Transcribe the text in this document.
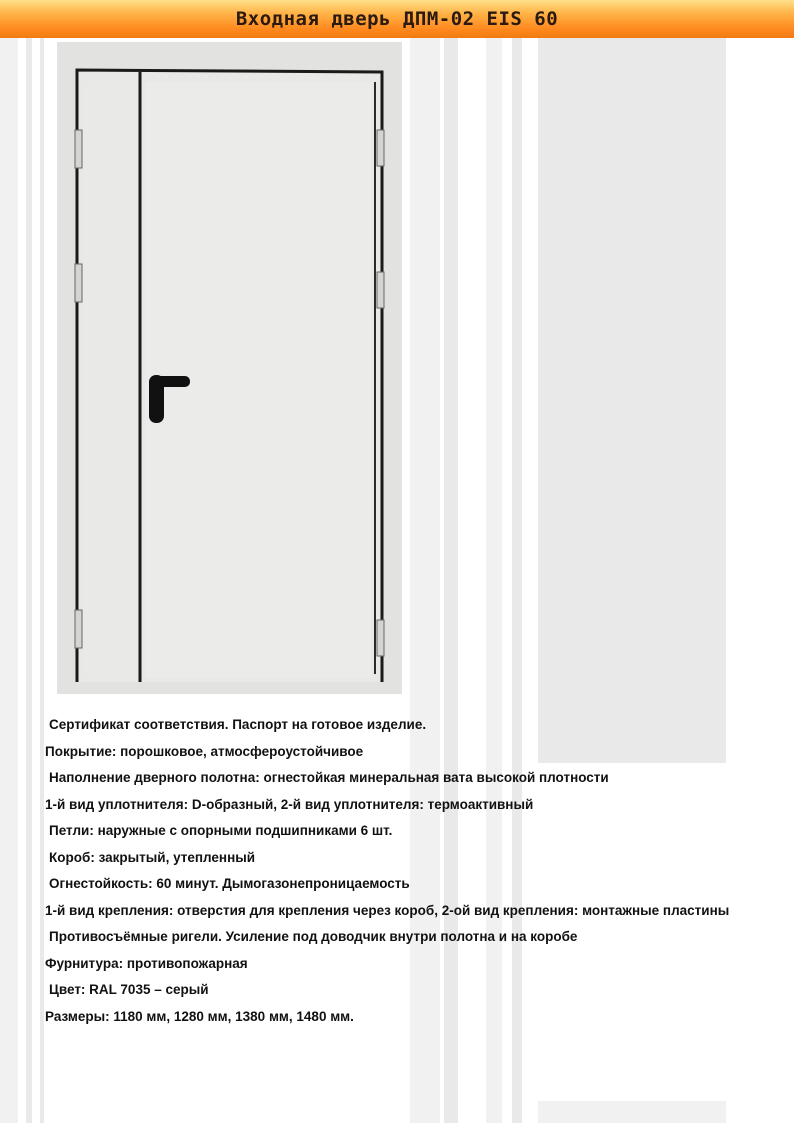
Входная дверь ДПМ-02 EIS 60
Сертификат соответствия. Паспорт на готовое изделие.
Покрытие: порошковое, атмосфероустойчивое
Наполнение дверного полотна: огнестойкая минеральная вата высокой плотности
1-й вид уплотнителя: D-образный, 2-й вид уплотнителя: термоактивный
Петли: наружные с опорными подшипниками 6 шт.
Короб: закрытый, утепленный
Огнестойкость: 60 минут. Дымогазонепроницаемость
1-й вид крепления: отверстия для крепления через короб, 2-ой вид крепления: монтажные пластины
Противосъёмные ригели. Усиление под доводчик внутри полотна и на коробе
Фурнитура: противопожарная
Цвет: RAL 7035 – серый
Размеры: 1180 мм, 1280 мм, 1380 мм, 1480 мм.
